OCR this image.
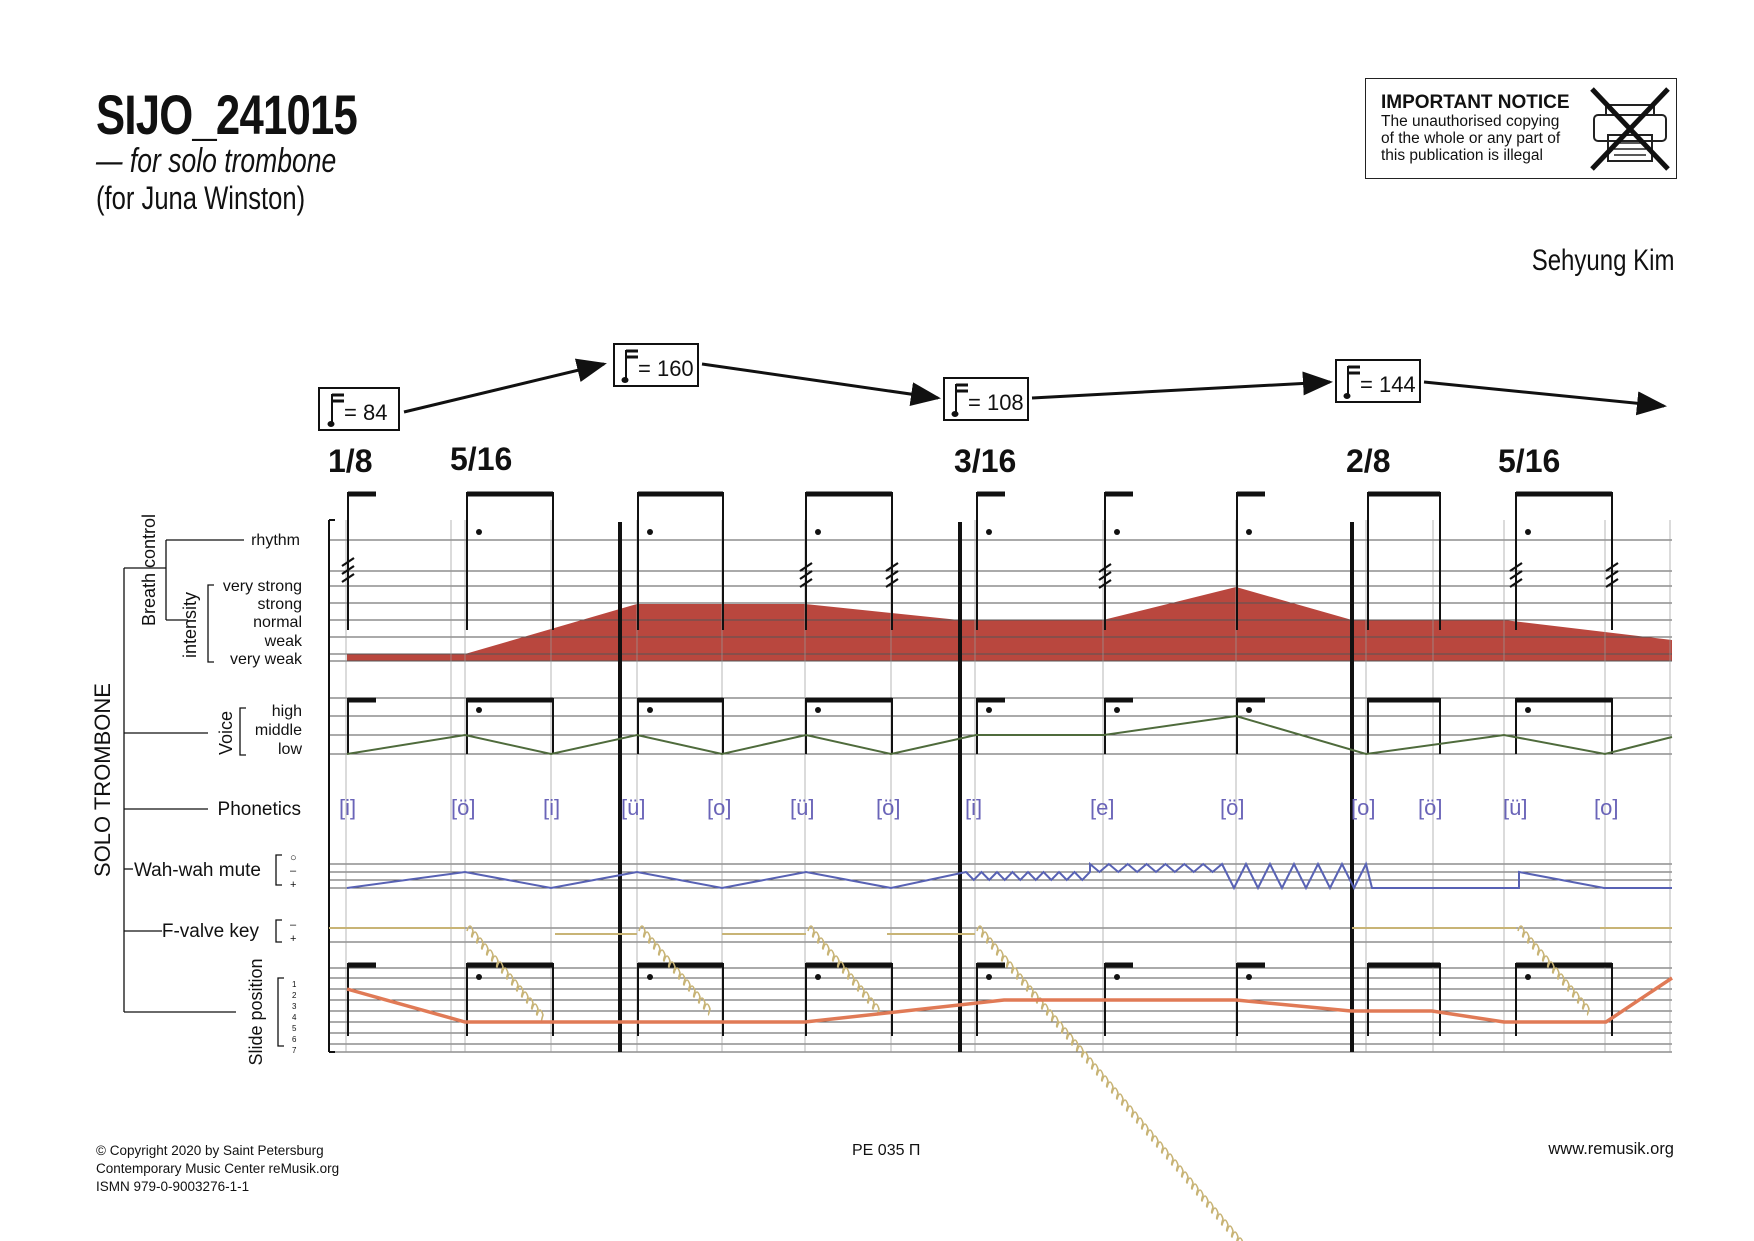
SIJO_241015
— for solo trombone
(for Juna Winston)
Sehyung Kim
IMPORTANT NOTICE
The unauthorised copying
of the whole or any part of
this publication is illegal
= 84
= 160
= 108
= 144
1/8 5/16	3/16	2/8	5/16
SOLO TROMBONE
Breath control	rhythm
intensity
very strong
strong
normal
weak
very weak
Voice high
middle
low
Phonetics
Wah-wah mute
○
–
+
F-valve key	–
+
Slide position	1
2
3
4
5
6
7
[i]	[ö]	[i]	[ü]	[o]	[ü]	[ö]	[i]	[e]	[ö]	[o] [ö]	[ü]	[o]
© Copyright 2020 by Saint Petersburg
Contemporary Music Center reMusik.org
ISMN 979-0-9003276-1-1
PE 035 П	www.remusik.org
